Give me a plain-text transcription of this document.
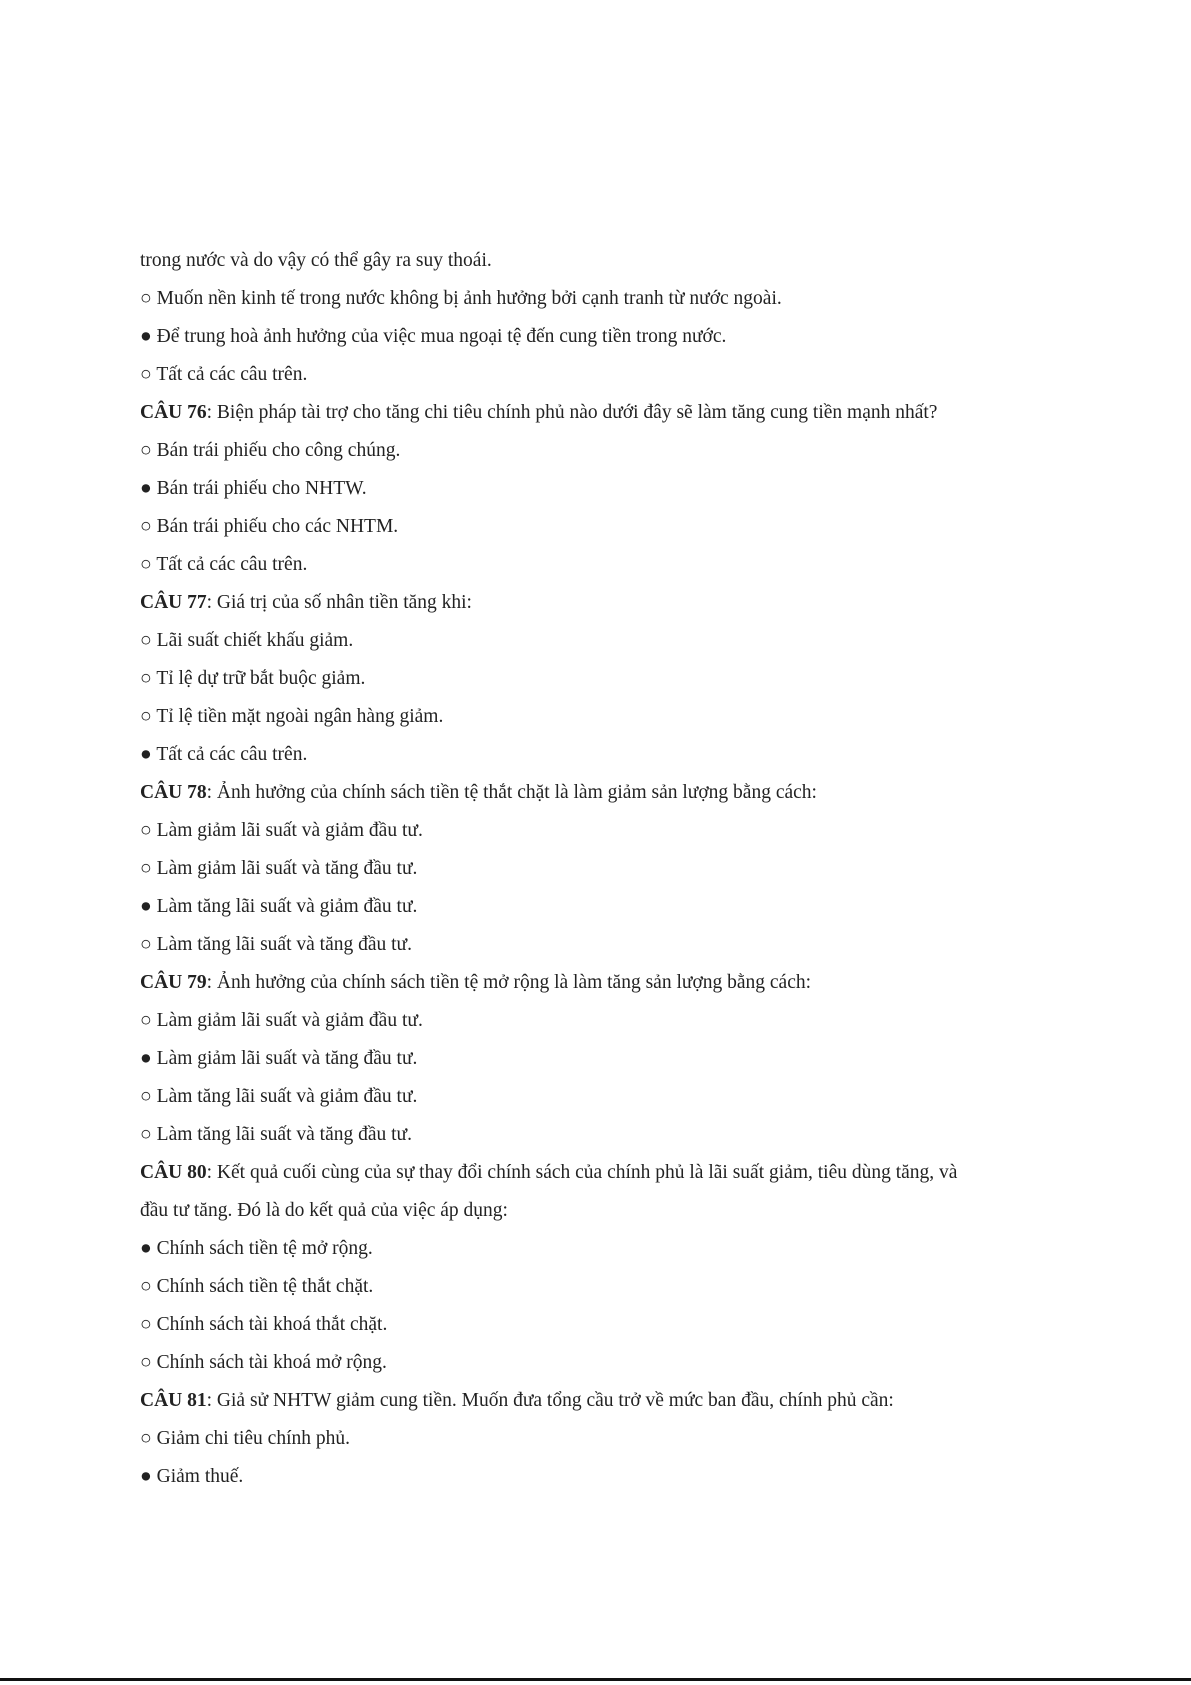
trong nước và do vậy có thể gây ra suy thoái.
○ Muốn nền kinh tế trong nước không bị ảnh hưởng bởi cạnh tranh từ nước ngoài.
● Để trung hoà ảnh hưởng của việc mua ngoại tệ đến cung tiền trong nước.
○ Tất cả các câu trên.
CÂU 76: Biện pháp tài trợ cho tăng chi tiêu chính phủ nào dưới đây sẽ làm tăng cung tiền mạnh nhất?
○ Bán trái phiếu cho công chúng.
● Bán trái phiếu cho NHTW.
○ Bán trái phiếu cho các NHTM.
○ Tất cả các câu trên.
CÂU 77: Giá trị của số nhân tiền tăng khi:
○ Lãi suất chiết khấu giảm.
○ Tỉ lệ dự trữ bắt buộc giảm.
○ Tỉ lệ tiền mặt ngoài ngân hàng giảm.
● Tất cả các câu trên.
CÂU 78: Ảnh hưởng của chính sách tiền tệ thắt chặt là làm giảm sản lượng bằng cách:
○ Làm giảm lãi suất và giảm đầu tư.
○ Làm giảm lãi suất và tăng đầu tư.
● Làm tăng lãi suất và giảm đầu tư.
○ Làm tăng lãi suất và tăng đầu tư.
CÂU 79: Ảnh hưởng của chính sách tiền tệ mở rộng là làm tăng sản lượng bằng cách:
○ Làm giảm lãi suất và giảm đầu tư.
● Làm giảm lãi suất và tăng đầu tư.
○ Làm tăng lãi suất và giảm đầu tư.
○ Làm tăng lãi suất và tăng đầu tư.
CÂU 80: Kết quả cuối cùng của sự thay đổi chính sách của chính phủ là lãi suất giảm, tiêu dùng tăng, và
đầu tư tăng. Đó là do kết quả của việc áp dụng:
● Chính sách tiền tệ mở rộng.
○ Chính sách tiền tệ thắt chặt.
○ Chính sách tài khoá thắt chặt.
○ Chính sách tài khoá mở rộng.
CÂU 81: Giả sử NHTW giảm cung tiền. Muốn đưa tổng cầu trở về mức ban đầu, chính phủ cần:
○ Giảm chi tiêu chính phủ.
● Giảm thuế.
